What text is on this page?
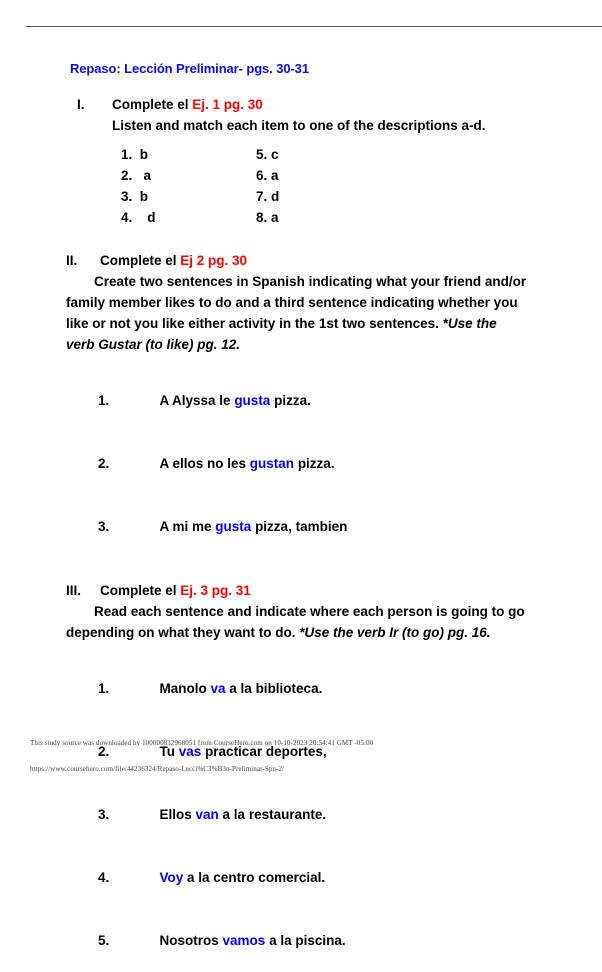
Repaso: Lección Preliminar- pgs. 30-31
I.	Complete el Ej. 1 pg. 30
Listen and match each item to one of the descriptions a-d.
1.  b	5. c
2.   a	6. a
3.  b	7. d
4.    d	8. a
II.	Complete el Ej 2 pg. 30
Create two sentences in Spanish indicating what your friend and/or family member likes to do and a third sentence indicating whether you like or not you like either activity in the 1st two sentences. *Use the verb Gustar (to like) pg. 12.

1.	A Alyssa le gusta pizza.

2.	A ellos no les gustan pizza.

3.	A mi me gusta pizza, tambien

III.	Complete el Ej. 3 pg. 31
Read each sentence and indicate where each person is going to go depending on what they want to do. *Use the verb Ir (to go) pg. 16.

1.	Manolo va a la biblioteca.

2.	Tu vas practicar deportes,

3.	Ellos van a la restaurante.

4.	Voy a la centro comercial.

5.	Nosotros vamos a la piscina.

This study source was downloaded by 100000832968051 from CourseHero.com on 10-10-2023 20:54:41 GMT -05:00
https://www.coursehero.com/file/44236324/Repaso-Lecci%C3%B3n-Preliminar-Spn-2/
